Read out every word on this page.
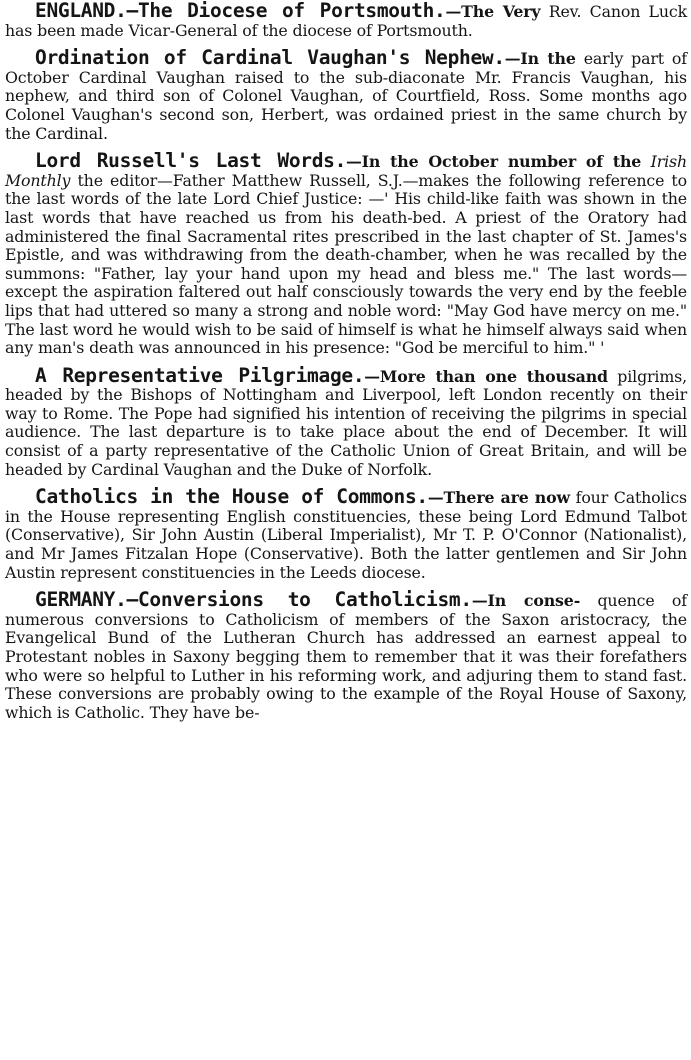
ENGLAND.—The Diocese of Portsmouth.—The Very Rev. Canon Luck has been made Vicar-General of the diocese of Portsmouth.

Ordination of Cardinal Vaughan's Nephew.—In the early part of October Cardinal Vaughan raised to the sub-diaconate Mr. Francis Vaughan, his nephew, and third son of Colonel Vaughan, of Courtfield, Ross. Some months ago Colonel Vaughan's second son, Herbert, was ordained priest in the same church by the Cardinal.

Lord Russell's Last Words.—In the October number of the Irish Monthly the editor—Father Matthew Russell, S.J.—makes the following reference to the last words of the late Lord Chief Justice: —' His child-like faith was shown in the last words that have reached us from his death-bed. A priest of the Oratory had administered the final Sacramental rites prescribed in the last chapter of St. James's Epistle, and was withdrawing from the death-chamber, when he was recalled by the summons: "Father, lay your hand upon my head and bless me." The last words—except the aspiration faltered out half consciously towards the very end by the feeble lips that had uttered so many a strong and noble word: "May God have mercy on me." The last word he would wish to be said of himself is what he himself always said when any man's death was announced in his presence: "God be merciful to him." '

A Representative Pilgrimage.—More than one thousand pilgrims, headed by the Bishops of Nottingham and Liverpool, left London recently on their way to Rome. The Pope had signified his intention of receiving the pilgrims in special audience. The last departure is to take place about the end of December. It will consist of a party representative of the Catholic Union of Great Britain, and will be headed by Cardinal Vaughan and the Duke of Norfolk.

Catholics in the House of Commons.—There are now four Catholics in the House representing English constituencies, these being Lord Edmund Talbot (Conservative), Sir John Austin (Liberal Imperialist), Mr T. P. O'Connor (Nationalist), and Mr James Fitzalan Hope (Conservative). Both the latter gentlemen and Sir John Austin represent constituencies in the Leeds diocese.

GERMANY.—Conversions to Catholicism.—In conse- quence of numerous conversions to Catholicism of members of the Saxon aristocracy, the Evangelical Bund of the Lutheran Church has addressed an earnest appeal to Protestant nobles in Saxony begging them to remember that it was their forefathers who were so helpful to Luther in his reforming work, and adjuring them to stand fast. These conversions are probably owing to the example of the Royal House of Saxony, which is Catholic. They have be-
